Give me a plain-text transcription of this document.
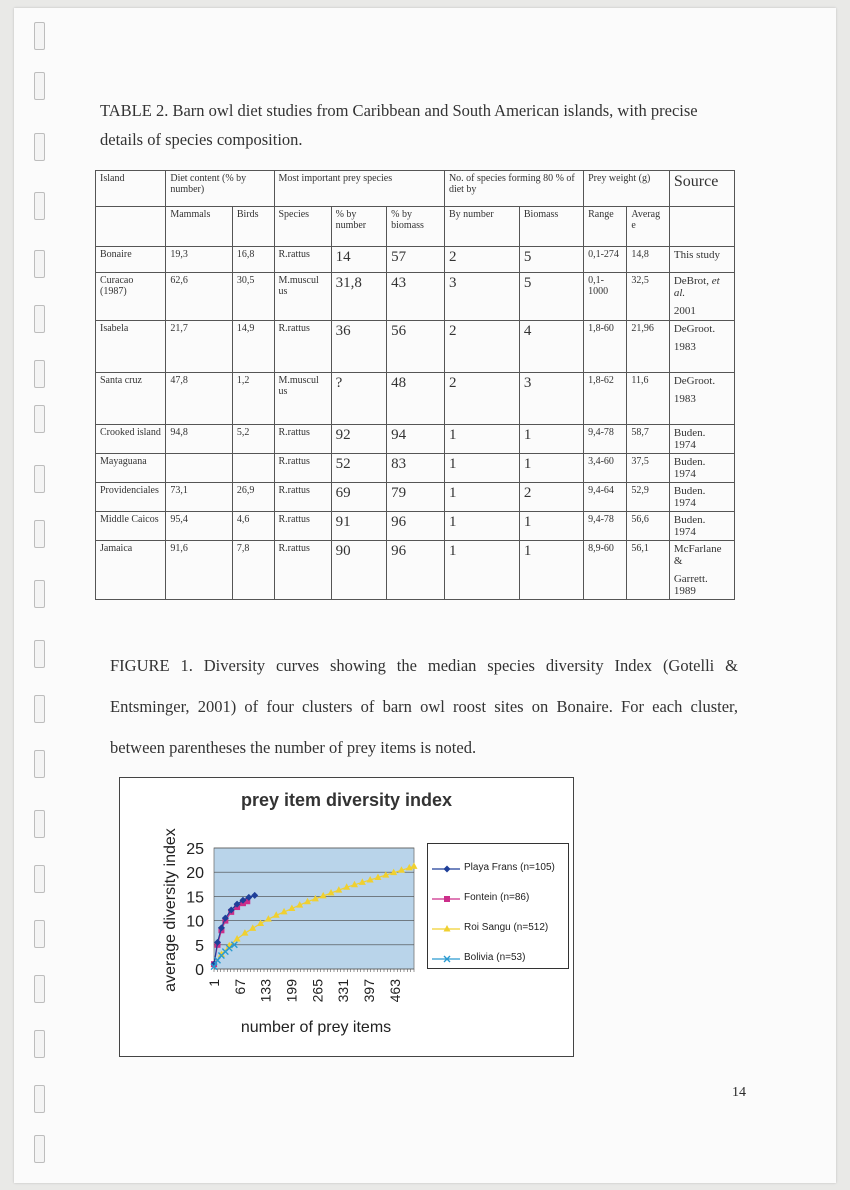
TABLE 2. Barn owl diet studies from Caribbean and South American islands, with precise details of species composition.
Island	Diet content (% by number)		Most important prey species			No. of species forming 80 % of diet by		Prey weight (g)		Source
	Mammals	Birds	Species	% by number	% by biomass	By number	Biomass	Range	Averag e	
Bonaire	19,3	16,8	R.rattus	14	57	2	5	0,1-274	14,8	This study
Curacao (1987)	62,6	30,5	M.muscul us	31,8	43	3	5	0,1- 1000	32,5	DeBrot, et al.

2001

Isabela	21,7	14,9	R.rattus	36	56	2	4	1,8-60	21,96	DeGroot.

1983

Santa cruz	47,8	1,2	M.muscul us	?	48	2	3	1,8-62	11,6	DeGroot.

1983

Crooked island	94,8	5,2	R.rattus	92	94	1	1	9,4-78	58,7	Buden. 1974
Mayaguana			R.rattus	52	83	1	1	3,4-60	37,5	Buden. 1974
Providenciales	73,1	26,9	R.rattus	69	79	1	2	9,4-64	52,9	Buden. 1974
Middle Caicos	95,4	4,6	R.rattus	91	96	1	1	9,4-78	56,6	Buden. 1974
Jamaica	91,6	7,8	R.rattus	90	96	1	1	8,9-60	56,1	McFarlane &

Garrett. 1989
FIGURE 1. Diversity curves showing the median species diversity Index (Gotelli & Entsminger, 2001) of four clusters of barn owl roost sites on Bonaire. For each cluster, between parentheses the number of prey items is noted.
prey item diversity index
0
5
10
15
20
25
1 67 133 199 265 331 397 463
average diversity index
number of prey items
Playa Frans (n=105)
Fontein (n=86)
Roi Sangu (n=512)
Bolivia (n=53)
14
